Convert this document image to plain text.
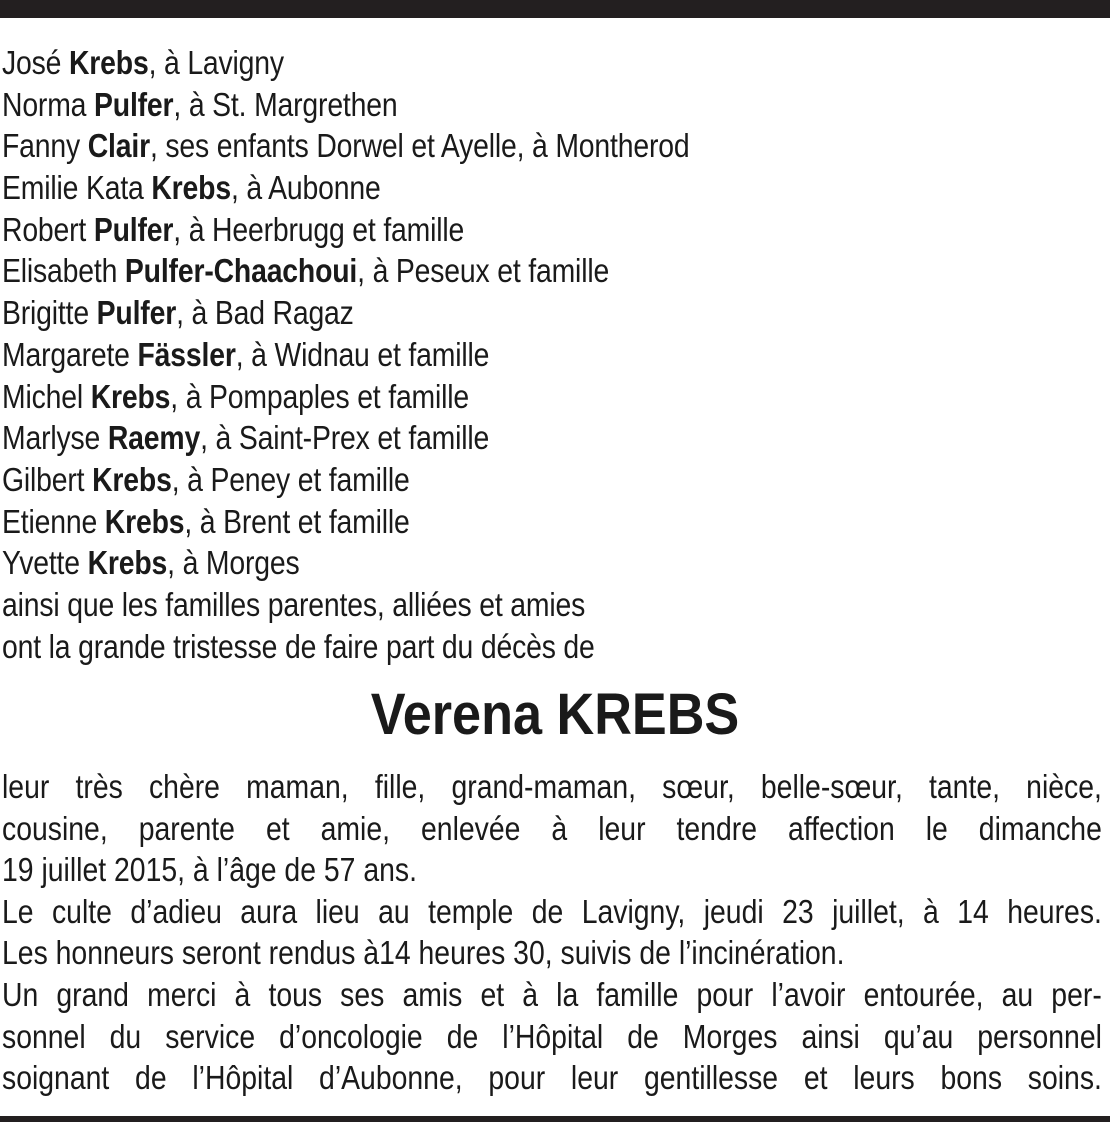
José Krebs, à Lavigny
Norma Pulfer, à St. Margrethen
Fanny Clair, ses enfants Dorwel et Ayelle, à Montherod
Emilie Kata Krebs, à Aubonne
Robert Pulfer, à Heerbrugg et famille
Elisabeth Pulfer-Chaachoui, à Peseux et famille
Brigitte Pulfer, à Bad Ragaz
Margarete Fässler, à Widnau et famille
Michel Krebs, à Pompaples et famille
Marlyse Raemy, à Saint-Prex et famille
Gilbert Krebs, à Peney et famille
Etienne Krebs, à Brent et famille
Yvette Krebs, à Morges
ainsi que les familles parentes, alliées et amies
ont la grande tristesse de faire part du décès de
Verena KREBS
leur très chère maman, fille, grand-maman, sœur, belle-sœur, tante, nièce,
cousine, parente et amie, enlevée à leur tendre affection le dimanche
19 juillet 2015, à l’âge de 57 ans.
Le culte d’adieu aura lieu au temple de Lavigny, jeudi 23 juillet, à 14 heures.
Les honneurs seront rendus à14 heures 30, suivis de l’incinération.
Un grand merci à tous ses amis et à la famille pour l’avoir entourée, au per-
sonnel du service d’oncologie de l’Hôpital de Morges ainsi qu’au personnel
soignant de l’Hôpital d’Aubonne, pour leur gentillesse et leurs bons soins.
